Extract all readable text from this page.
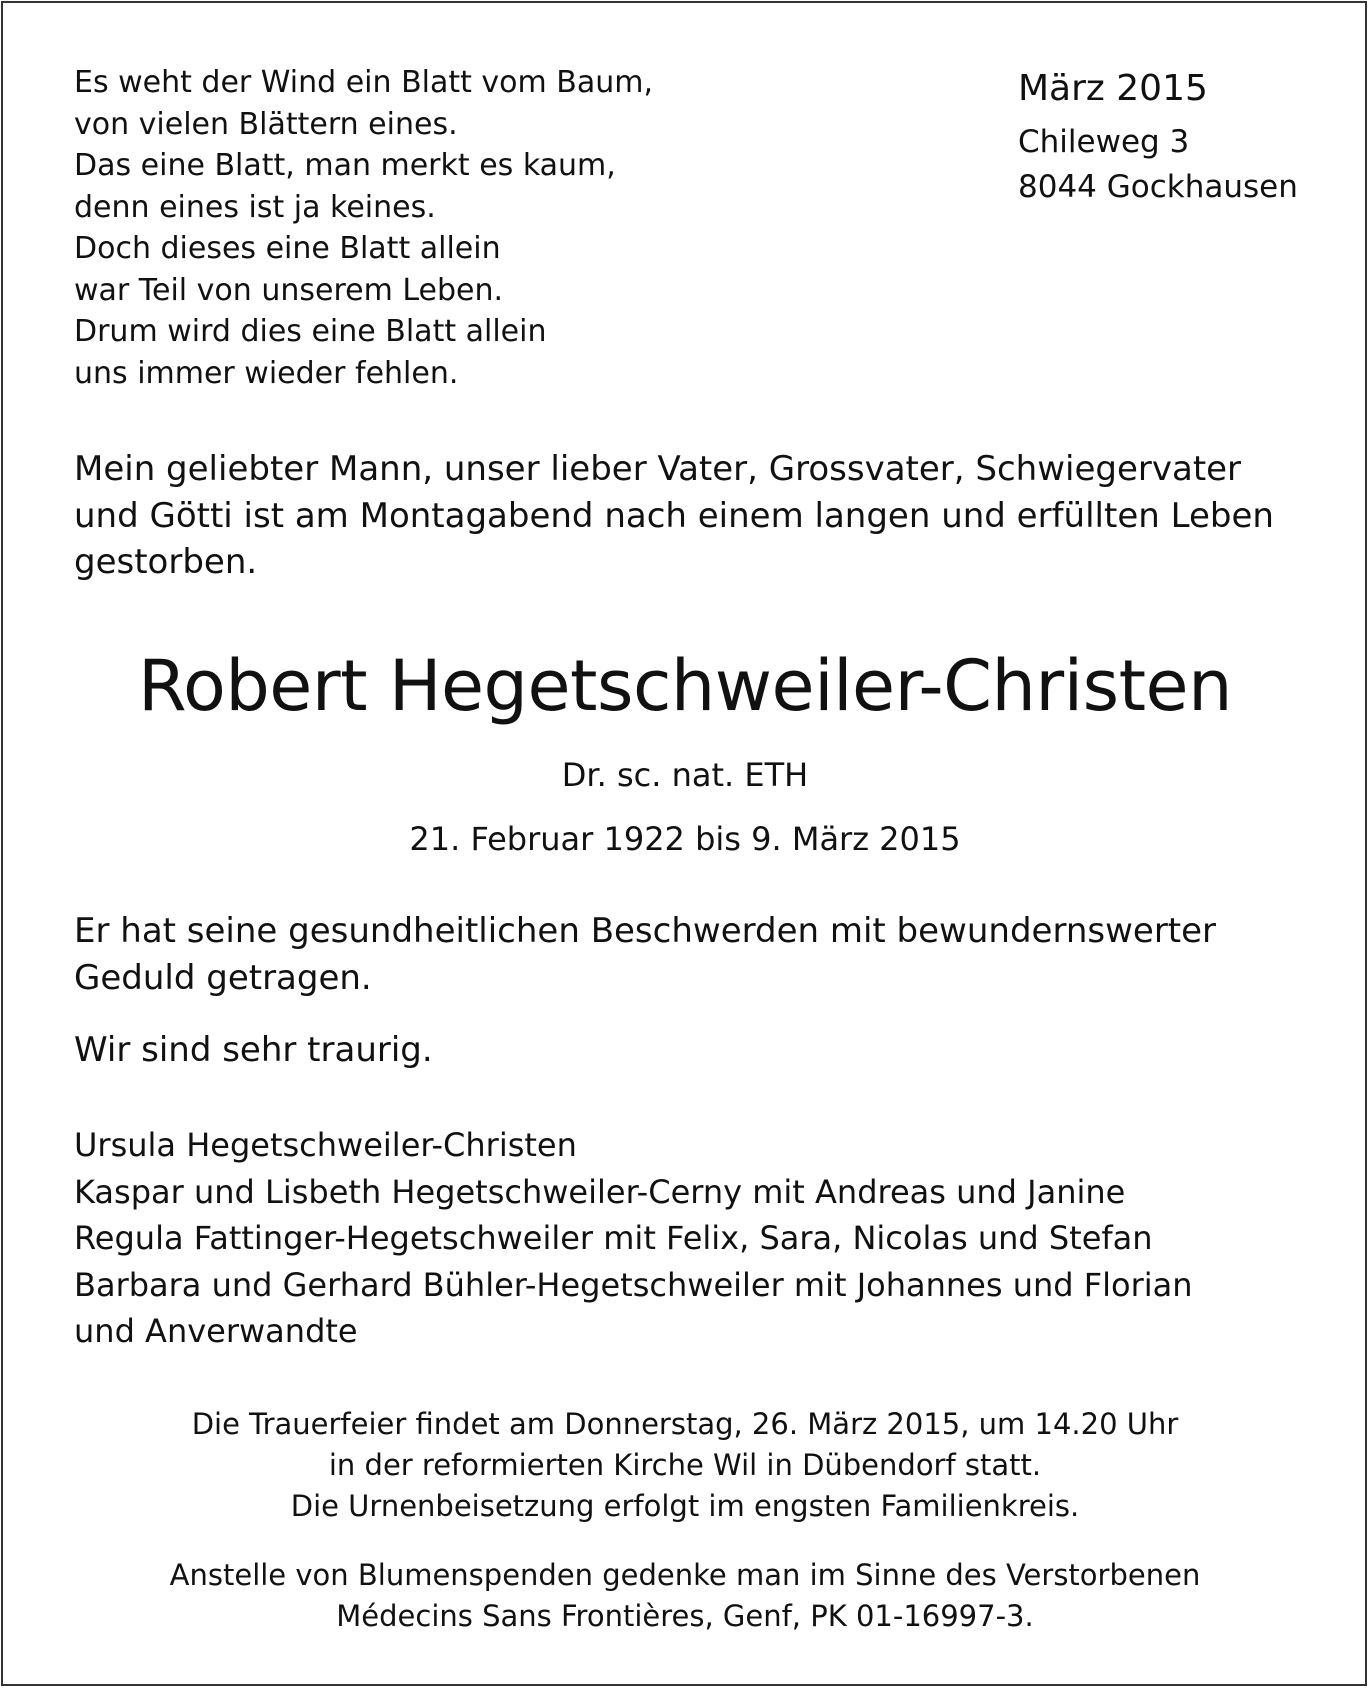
Es weht der Wind ein Blatt vom Baum,
von vielen Blättern eines.
Das eine Blatt, man merkt es kaum,
denn eines ist ja keines.
Doch dieses eine Blatt allein
war Teil von unserem Leben.
Drum wird dies eine Blatt allein
uns immer wieder fehlen.
März 2015
Chileweg 3
8044 Gockhausen
Mein geliebter Mann, unser lieber Vater, Grossvater, Schwiegervater und Götti ist am Montagabend nach einem langen und erfüllten Leben gestorben.
Robert Hegetschweiler-Christen
Dr. sc. nat. ETH
21. Februar 1922 bis 9. März 2015
Er hat seine gesundheitlichen Beschwerden mit bewundernswerter Geduld getragen.
Wir sind sehr traurig.
Ursula Hegetschweiler-Christen
Kaspar und Lisbeth Hegetschweiler-Cerny mit Andreas und Janine
Regula Fattinger-Hegetschweiler mit Felix, Sara, Nicolas und Stefan
Barbara und Gerhard Bühler-Hegetschweiler mit Johannes und Florian
und Anverwandte
Die Trauerfeier findet am Donnerstag, 26. März 2015, um 14.20 Uhr
in der reformierten Kirche Wil in Dübendorf statt.
Die Urnenbeisetzung erfolgt im engsten Familienkreis.
Anstelle von Blumenspenden gedenke man im Sinne des Verstorbenen
Médecins Sans Frontières, Genf, PK 01-16997-3.
